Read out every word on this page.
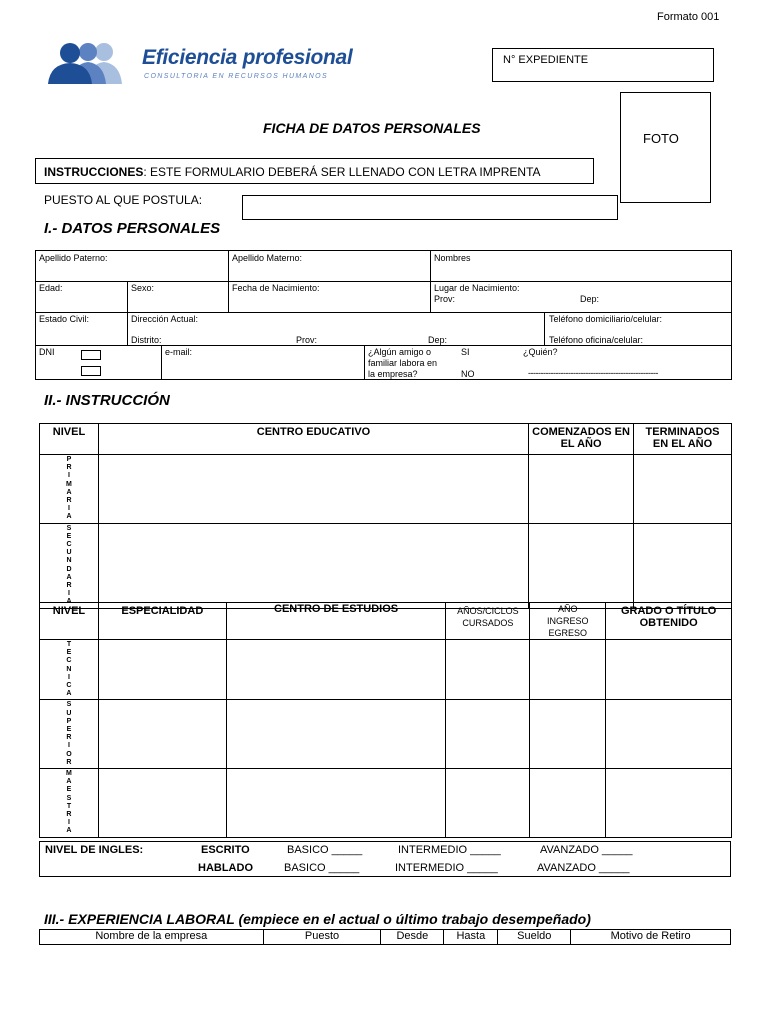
Formato 001
Eficiencia profesional
CONSULTORIA EN RECURSOS HUMANOS
N° EXPEDIENTE
FOTO
FICHA DE DATOS PERSONALES
INSTRUCCIONES: ESTE FORMULARIO DEBERÁ SER LLENADO CON LETRA IMPRENTA
PUESTO AL QUE POSTULA:
I.- DATOS PERSONALES
Apellido Paterno:	Apellido Materno:	Nombres
Edad:	Sexo:	Fecha de Nacimiento:	Lugar de Nacimiento:
Prov:	Dep:
Estado Civil:	Dirección Actual:
Distrito:	Prov:	Dep:
Teléfono domiciliario/celular:
Teléfono oficina/celular:
DNI	e-mail:	¿Algún amigo o
familiar labora en
la empresa?
SI
NO
¿Quién?
----------------------------------------------------
II.- INSTRUCCIÓN
NIVEL	CENTRO EDUCATIVO	COMENZADOS EN EL AÑO	TERMINADOS EN EL AÑO

PRIMARIA			

SECUNDARIA			

NIVEL	ESPECIALIDAD	CENTRO DE ESTUDIOS	AÑOS/CICLOS CURSADOS	AÑO INGRESO EGRESO	GRADO O TÍTULO OBTENIDO

TECNICA					

SUPERIOR					

MAESTRIA					

NIVEL DE INGLES:	ESCRITO	BASICO _____	INTERMEDIO _____	AVANZADO _____
HABLADO	BASICO _____	INTERMEDIO _____	AVANZADO _____
III.- EXPERIENCIA LABORAL (empiece en el actual o último trabajo desempeñado)
Nombre de la empresa	Puesto	Desde	Hasta	Sueldo	Motivo de Retiro
